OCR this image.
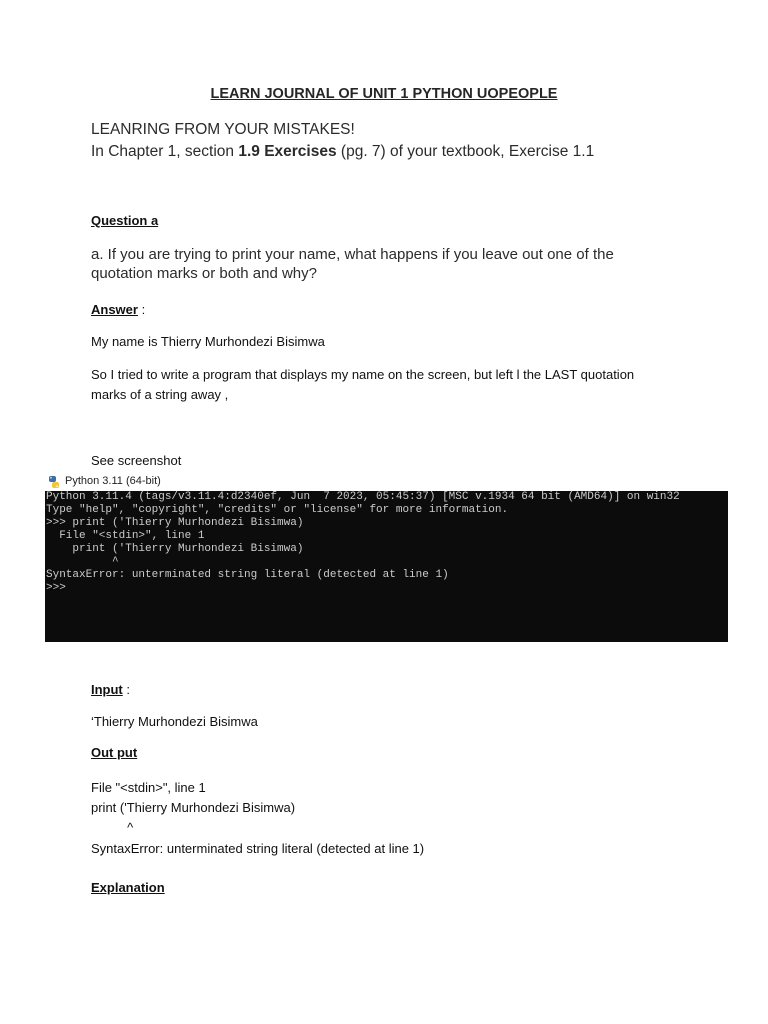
LEARN JOURNAL OF UNIT 1 PYTHON UOPEOPLE

LEANRING FROM YOUR MISTAKES!

In Chapter 1, section 1.9 Exercises (pg. 7) of your textbook, Exercise 1.1

Question a

a. If you are trying to print your name, what happens if you leave out one of the quotation marks or both and why?

Answer :

My name is Thierry Murhondezi Bisimwa

So I tried to write a program that displays my name on the screen, but left l the LAST quotation marks of a string away ,

See screenshot

Python 3.11 (64-bit)
Python 3.11.4 (tags/v3.11.4:d2340ef, Jun  7 2023, 05:45:37) [MSC v.1934 64 bit (AMD64)] on win32
Type "help", "copyright", "credits" or "license" for more information.
>>> print ('Thierry Murhondezi Bisimwa)
File "<stdin>", line 1
print ('Thierry Murhondezi Bisimwa)
^
SyntaxError: unterminated string literal (detected at line 1)
>>>

Input :

‘Thierry Murhondezi Bisimwa

Out put

File "<stdin>", line 1

print ('Thierry Murhondezi Bisimwa)

^

SyntaxError: unterminated string literal (detected at line 1)

Explanation
